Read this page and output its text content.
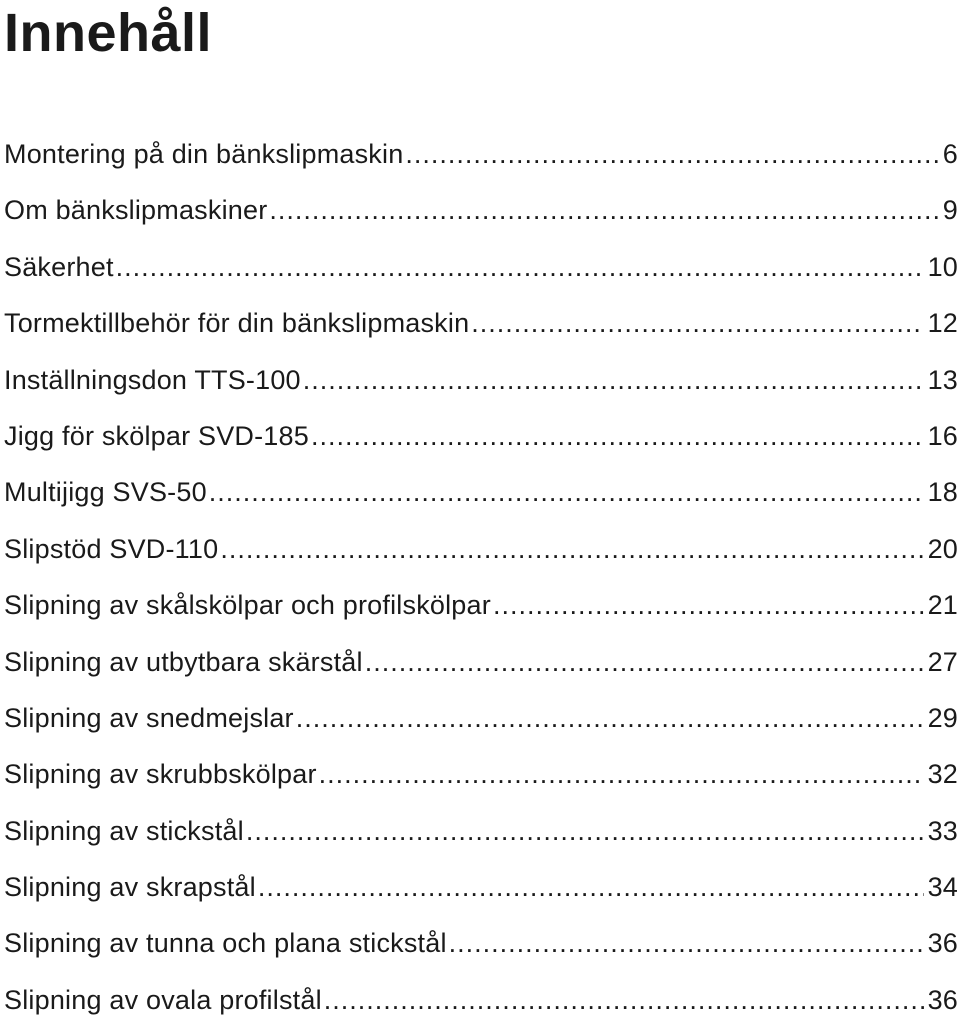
Innehåll
Montering på din bänkslipmaskin .....	6
Om bänkslipmaskiner .....	9
Säkerhet .....	10
Tormektillbehör för din bänkslipmaskin .....	12
Inställningsdon TTS-100 .....	13
Jigg för skölpar SVD-185 .....	16
Multijigg SVS-50 .....	18
Slipstöd SVD-110 .....	20
Slipning av skålskölpar och profilskölpar .....	21
Slipning av utbytbara skärstål .....	27
Slipning av snedmejslar .....	29
Slipning av skrubbskölpar .....	32
Slipning av stickstål .....	33
Slipning av skrapstål .....	34
Slipning av tunna och plana stickstål .....	36
Slipning av ovala profilstål .....	36
